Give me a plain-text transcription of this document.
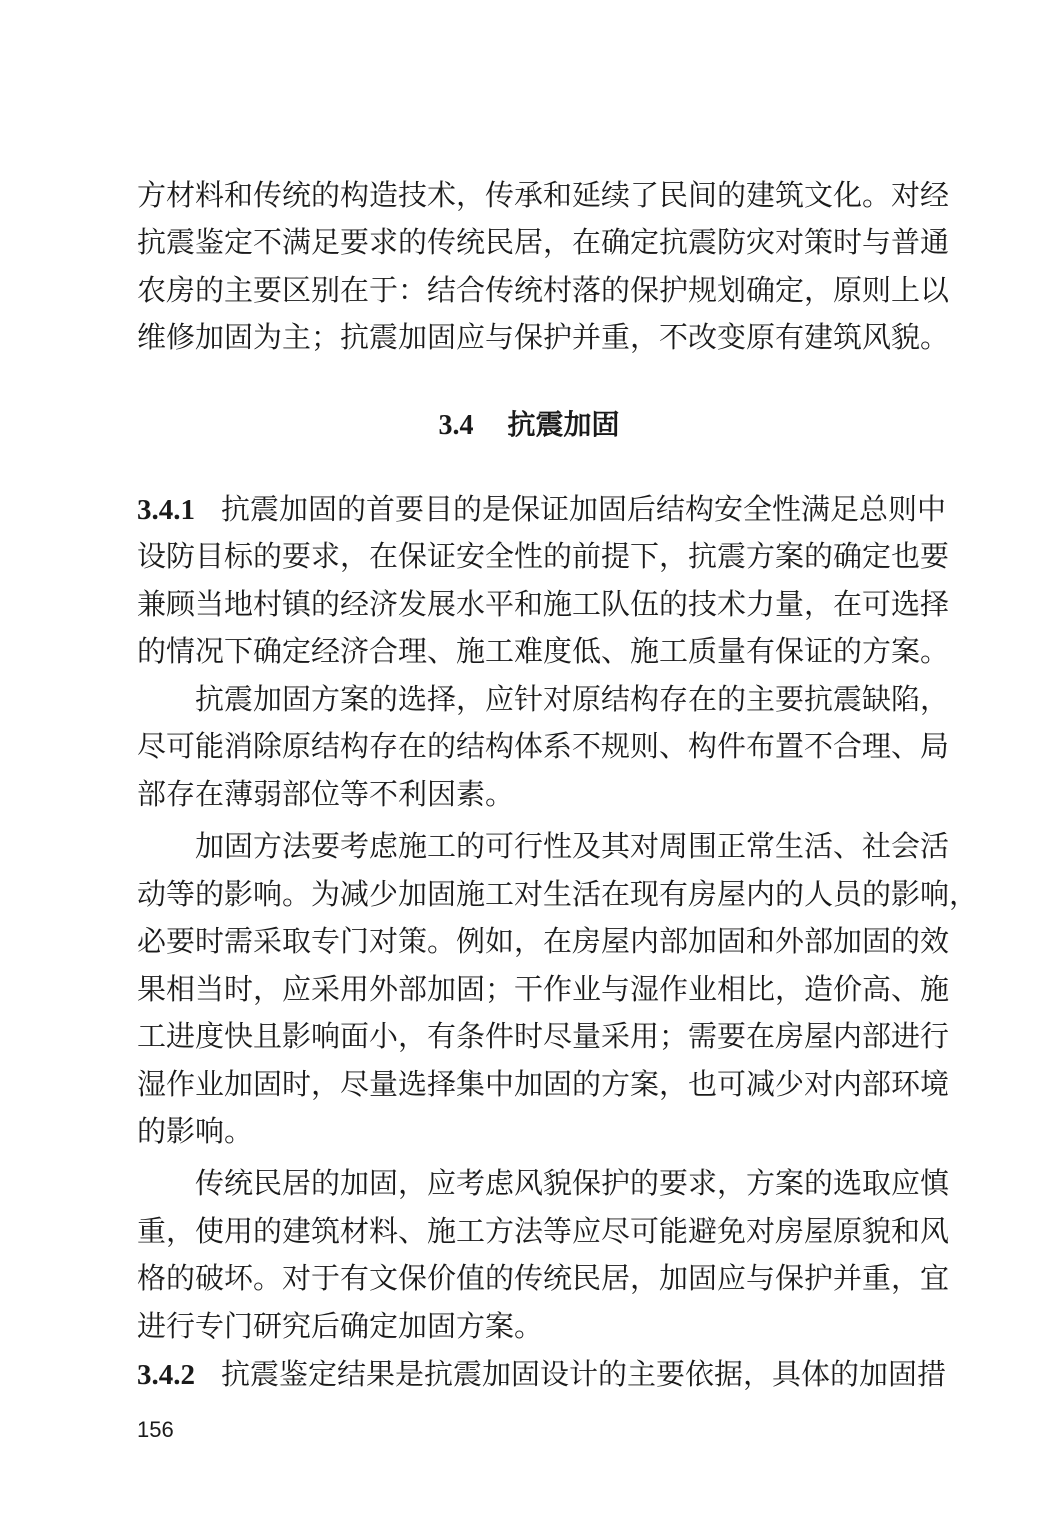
方材料和传统的构造技术，传承和延续了民间的建筑文化。对经
抗震鉴定不满足要求的传统民居，在确定抗震防灾对策时与普通
农房的主要区别在于：结合传统村落的保护规划确定，原则上以
维修加固为主；抗震加固应与保护并重，不改变原有建筑风貌。
3.4 抗震加固
3.4.1 抗震加固的首要目的是保证加固后结构安全性满足总则中
设防目标的要求，在保证安全性的前提下，抗震方案的确定也要
兼顾当地村镇的经济发展水平和施工队伍的技术力量，在可选择
的情况下确定经济合理、施工难度低、施工质量有保证的方案。
抗震加固方案的选择，应针对原结构存在的主要抗震缺陷，
尽可能消除原结构存在的结构体系不规则、构件布置不合理、局
部存在薄弱部位等不利因素。
加固方法要考虑施工的可行性及其对周围正常生活、社会活
动等的影响。为减少加固施工对生活在现有房屋内的人员的影响，
必要时需采取专门对策。例如，在房屋内部加固和外部加固的效
果相当时，应采用外部加固；干作业与湿作业相比，造价高、施
工进度快且影响面小，有条件时尽量采用；需要在房屋内部进行
湿作业加固时，尽量选择集中加固的方案，也可减少对内部环境
的影响。
传统民居的加固，应考虑风貌保护的要求，方案的选取应慎
重，使用的建筑材料、施工方法等应尽可能避免对房屋原貌和风
格的破坏。对于有文保价值的传统民居，加固应与保护并重，宜
进行专门研究后确定加固方案。
3.4.2 抗震鉴定结果是抗震加固设计的主要依据，具体的加固措
156
